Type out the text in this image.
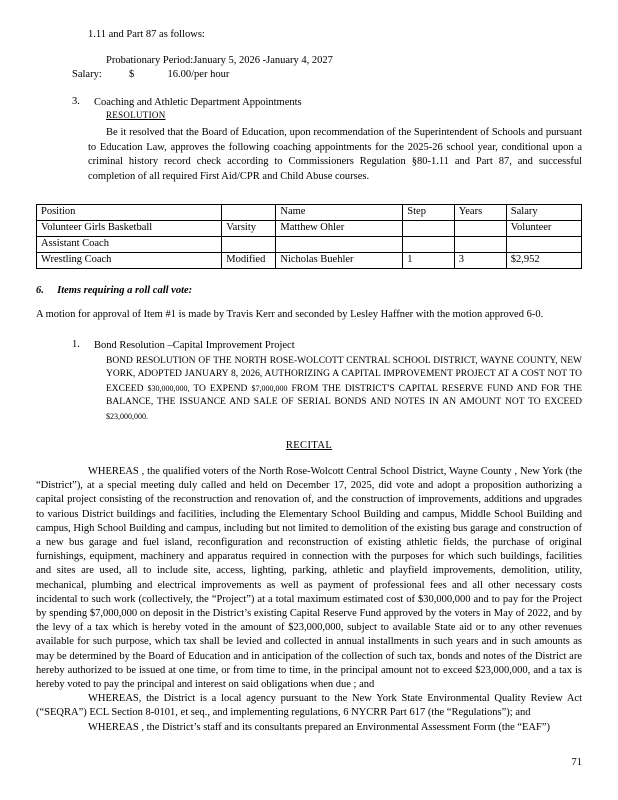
1.11 and Part 87 as follows:
Probationary Period:January 5, 2026 -January 4, 2027
Salary:	$	16.00/per hour
3.	Coaching and Athletic Department Appointments
RESOLUTION
Be it resolved that the Board of Education, upon recommendation of the Superintendent of Schools and pursuant to Education Law, approves the following coaching appointments for the 2025-26 school year, conditional upon a criminal history record check according to Commissioners Regulation §80-1.11 and Part 87, and successful completion of all required First Aid/CPR and Child Abuse courses.
Position		Name	Step	Years	Salary
Volunteer Girls Basketball	Varsity	Matthew Ohler			Volunteer
Assistant Coach					
Wrestling Coach	Modified	Nicholas Buehler	1	3	$2,952
6. Items requiring a roll call vote:
A motion for approval of Item #1 is made by Travis Kerr and seconded by Lesley Haffner with the motion approved 6-0.
1.	Bond Resolution –Capital Improvement Project
BOND RESOLUTION OF THE NORTH ROSE-WOLCOTT CENTRAL SCHOOL DISTRICT, WAYNE COUNTY, NEW YORK, ADOPTED JANUARY 8, 2026, AUTHORIZING A CAPITAL IMPROVEMENT PROJECT AT A COST NOT TO EXCEED $30,000,000, TO EXPEND $7,000,000 FROM THE DISTRICT'S CAPITAL RESERVE FUND AND FOR THE BALANCE, THE ISSUANCE AND SALE OF SERIAL BONDS AND NOTES IN AN AMOUNT NOT TO EXCEED $23,000,000.
RECITAL
WHEREAS , the qualified voters of the North Rose-Wolcott Central School District, Wayne County , New York (the “District”), at a special meeting duly called and held on December 17, 2025, did vote and adopt a proposition authorizing a capital project consisting of the reconstruction and renovation of, and the construction of improvements, additions and upgrades to various District buildings and facilities, including the Elementary School Building and campus, Middle School Building and campus, High School Building and campus, including but not limited to demolition of the existing bus garage and construction of a new bus garage and fuel island, reconfiguration and reconstruction of existing athletic fields, the purchase of original furnishings, equipment, machinery and apparatus required in connection with the purposes for which such buildings, facilities and sites are used, all to include site, access, lighting, parking, athletic and playfield improvements, demolition, utility, mechanical, plumbing and electrical improvements as well as payment of professional fees and all other necessary costs incidental to such work (collectively, the “Project”) at a total maximum estimated cost of $30,000,000 and to pay for the Project by spending $7,000,000 on deposit in the District’s existing Capital Reserve Fund approved by the voters in May of 2022, and by the levy of a tax which is hereby voted in the amount of $23,000,000, subject to available State aid or to any other revenues available for such purpose, which tax shall be levied and collected in annual installments in such years and in such amounts as may be determined by the Board of Education and in anticipation of the collection of such tax, bonds and notes of the District are hereby authorized to be issued at one time, or from time to time, in the principal amount not to exceed $23,000,000, and a tax is hereby voted to pay the principal and interest on said obligations when due ; and
WHEREAS, the District is a local agency pursuant to the New York State Environmental Quality Review Act (“SEQRA”) ECL Section 8-0101, et seq., and implementing regulations, 6 NYCRR Part 617 (the “Regulations”); and
WHEREAS , the District’s staff and its consultants prepared an Environmental Assessment Form (the “EAF”)
71
